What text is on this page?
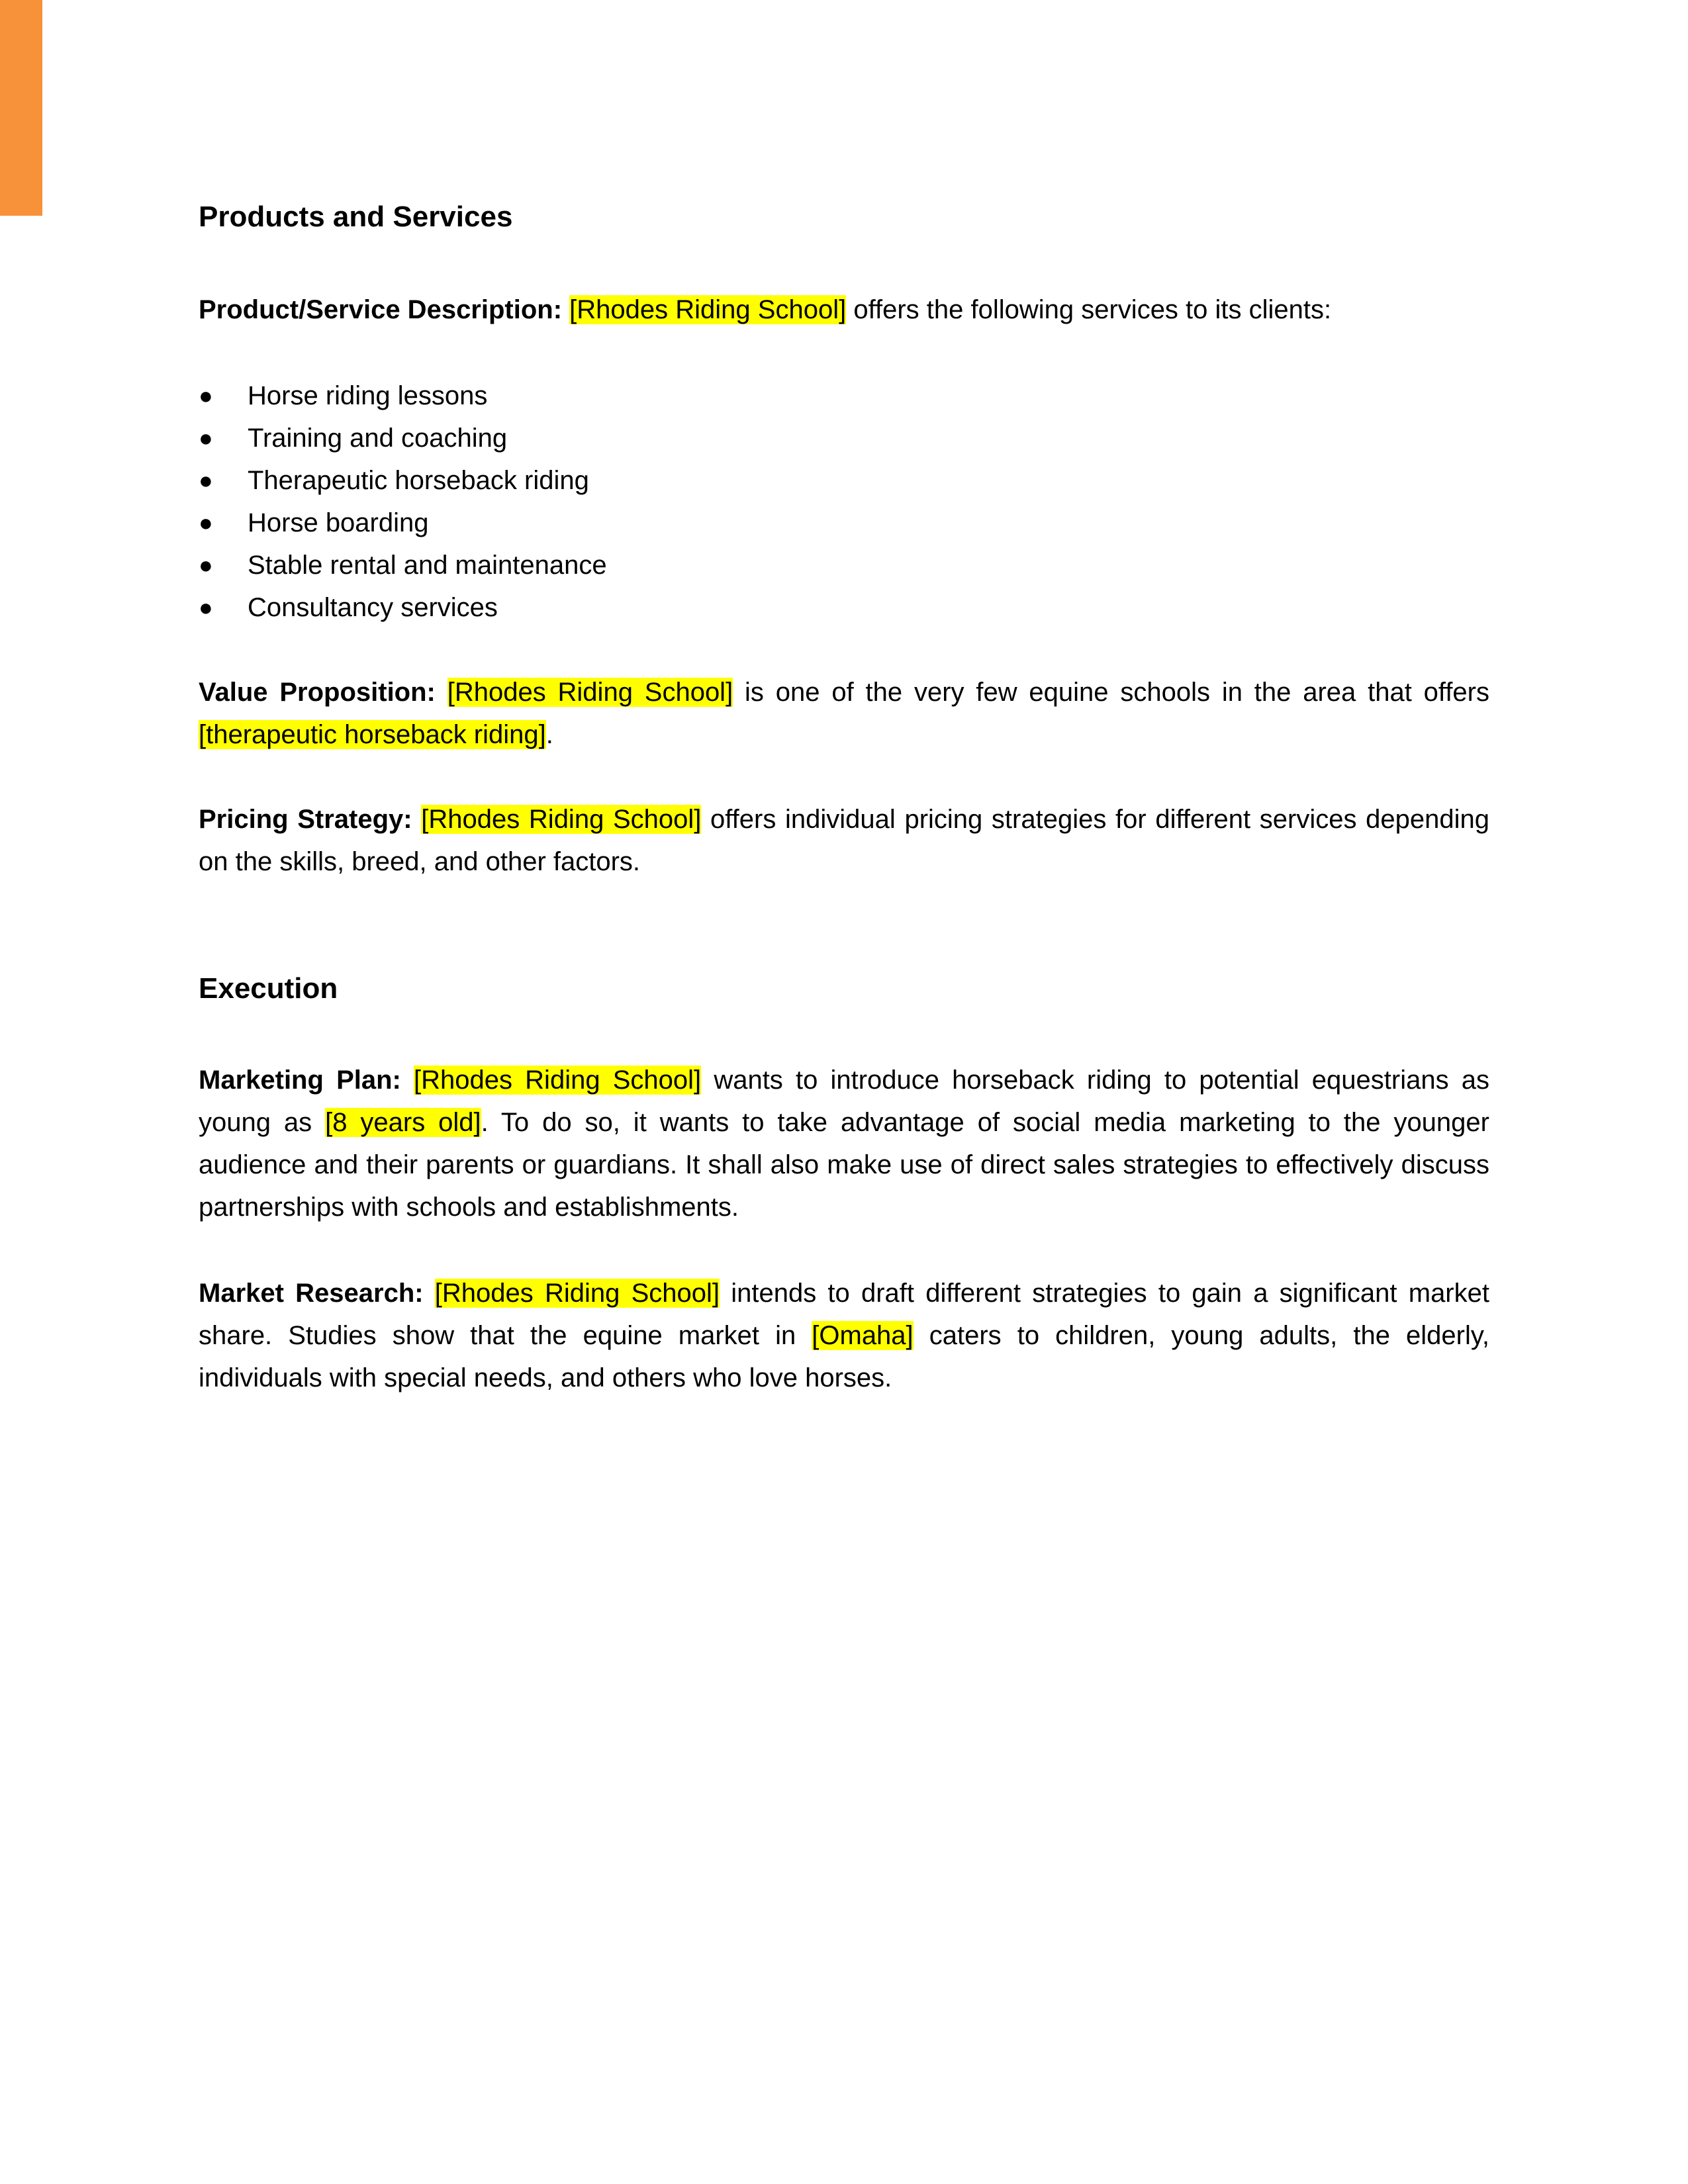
Products and Services

Product/Service Description: [Rhodes Riding School] offers the following services to its clients:

● Horse riding lessons
● Training and coaching
● Therapeutic horseback riding
● Horse boarding
● Stable rental and maintenance
● Consultancy services

Value Proposition: [Rhodes Riding School] is one of the very few equine schools in the area that offers [therapeutic horseback riding].

Pricing Strategy: [Rhodes Riding School] offers individual pricing strategies for different services depending on the skills, breed, and other factors.

Execution

Marketing Plan: [Rhodes Riding School] wants to introduce horseback riding to potential equestrians as young as [8 years old]. To do so, it wants to take advantage of social media marketing to the younger audience and their parents or guardians. It shall also make use of direct sales strategies to effectively discuss partnerships with schools and establishments.

Market Research: [Rhodes Riding School] intends to draft different strategies to gain a significant market share. Studies show that the equine market in [Omaha] caters to children, young adults, the elderly, individuals with special needs, and others who love horses.
